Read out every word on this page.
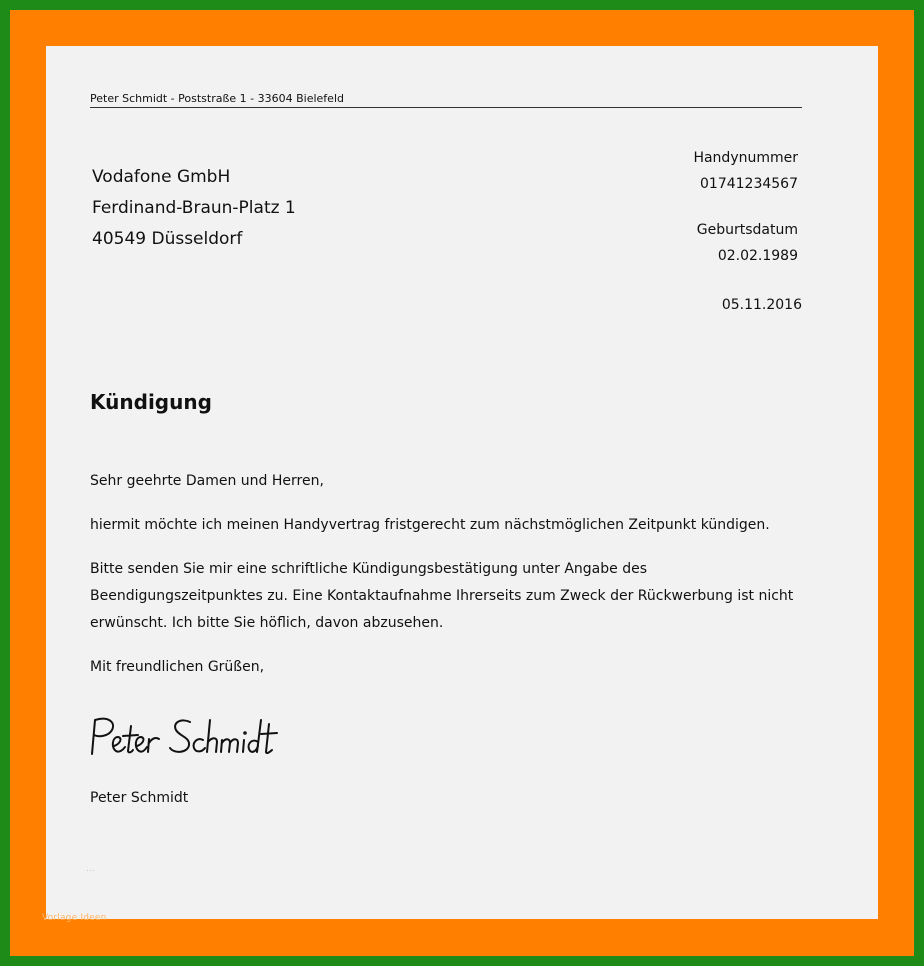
Peter Schmidt - Poststraße 1 - 33604 Bielefeld
Vodafone GmbH
Ferdinand-Braun-Platz 1
40549 Düsseldorf
Handynummer
01741234567
Geburtsdatum
02.02.1989
05.11.2016
Kündigung

Sehr geehrte Damen und Herren,

hiermit möchte ich meinen Handyvertrag fristgerecht zum nächstmöglichen Zeitpunkt kündigen.

Bitte senden Sie mir eine schriftliche Kündigungsbestätigung unter Angabe des Beendigungszeitpunktes zu. Eine Kontaktaufnahme Ihrerseits zum Zweck der Rückwerbung ist nicht erwünscht. Ich bitte Sie höflich, davon abzusehen.

Mit freundlichen Grüßen,

Peter Schmidt
...
Vorlage Ideen
